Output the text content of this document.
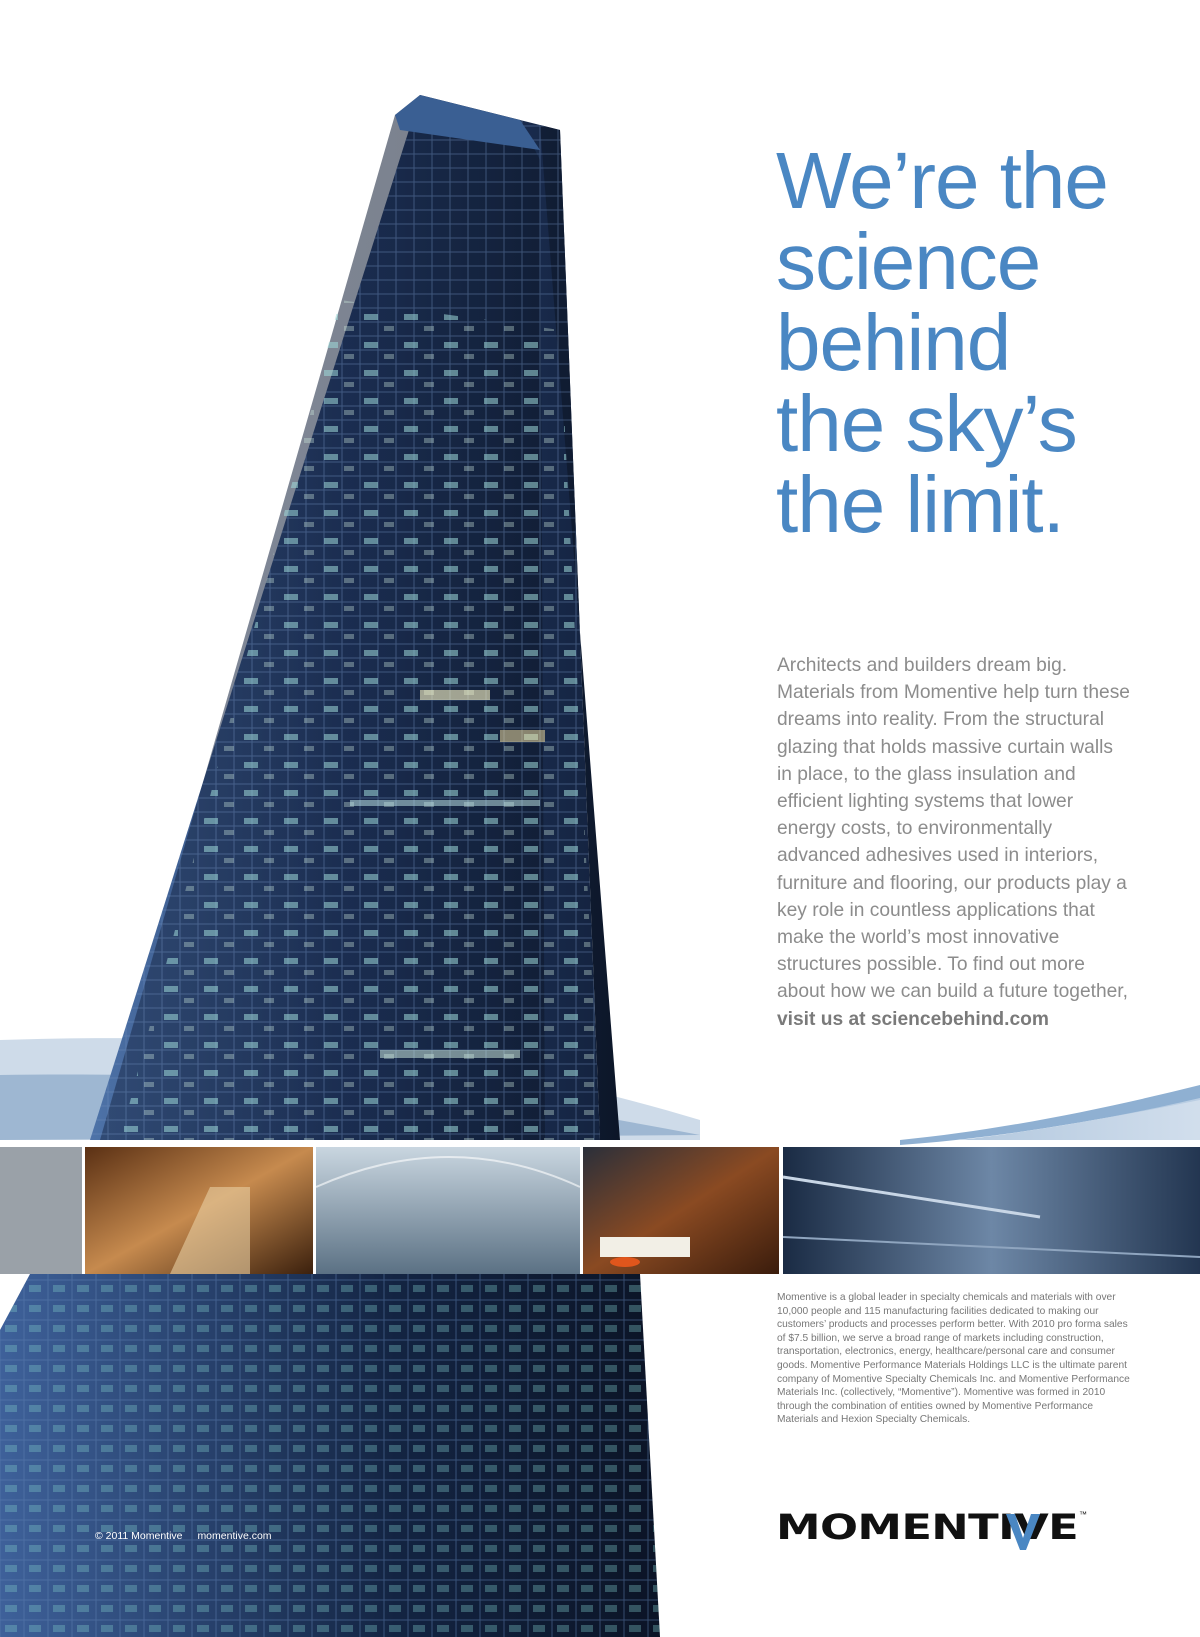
We’re the
science
behind
the sky’s
the limit.
Architects and builders dream big. Materials from Momentive help turn these dreams into reality. From the structural glazing that holds massive curtain walls in place, to the glass insulation and efficient lighting systems that lower energy costs, to environmentally advanced adhesives used in interiors, furniture and flooring, our products play a key role in countless applications that make the world’s most innovative structures possible. To find out more about how we can build a future together, visit us at sciencebehind.com
Momentive is a global leader in specialty chemicals and materials with over 10,000 people and 115 manufacturing facilities dedicated to making our customers’ products and processes perform better. With 2010 pro forma sales of $7.5 billion, we serve a broad range of markets including construction, transportation, electronics, energy, healthcare/personal care and consumer goods. Momentive Performance Materials Holdings LLC is the ultimate parent company of Momentive Specialty Chemicals Inc. and Momentive Performance Materials Inc. (collectively, “Momentive”). Momentive was formed in 2010 through the combination of entities owned by Momentive Performance Materials and Hexion Specialty Chemicals.
© 2011 Momentive momentive.com	MOMENTIVE ™
